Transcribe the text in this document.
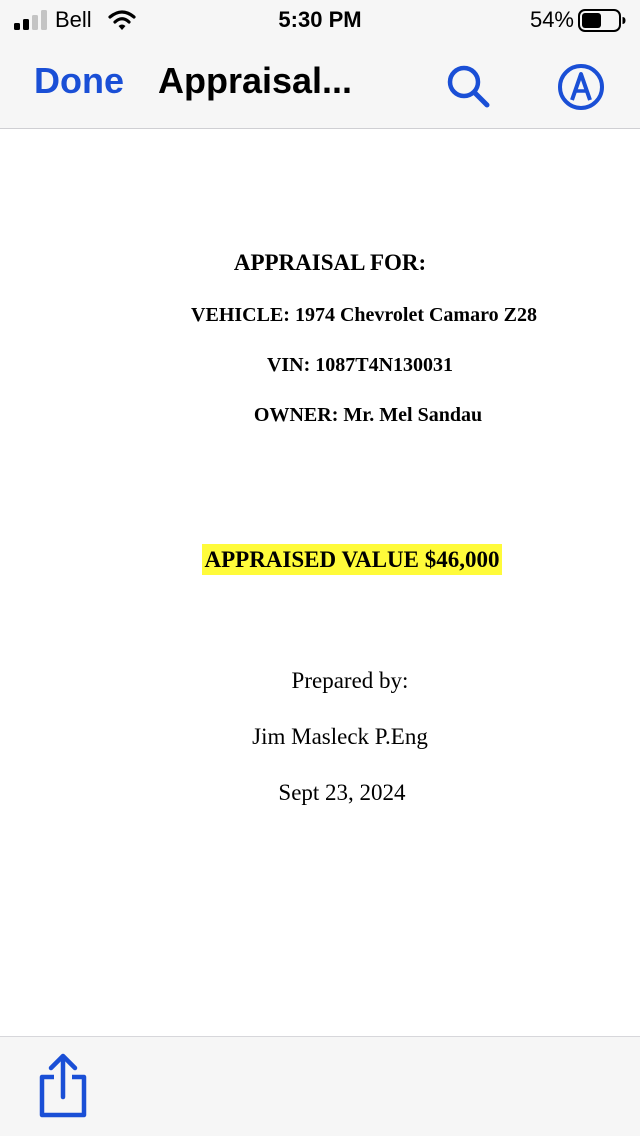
Bell	5:30 PM	54%
Done Appraisal...
APPRAISAL FOR:
VEHICLE: 1974 Chevrolet Camaro Z28
VIN: 1087T4N130031
OWNER: Mr. Mel Sandau
APPRAISED VALUE $46,000
Prepared by:
Jim Masleck P.Eng
Sept 23, 2024
